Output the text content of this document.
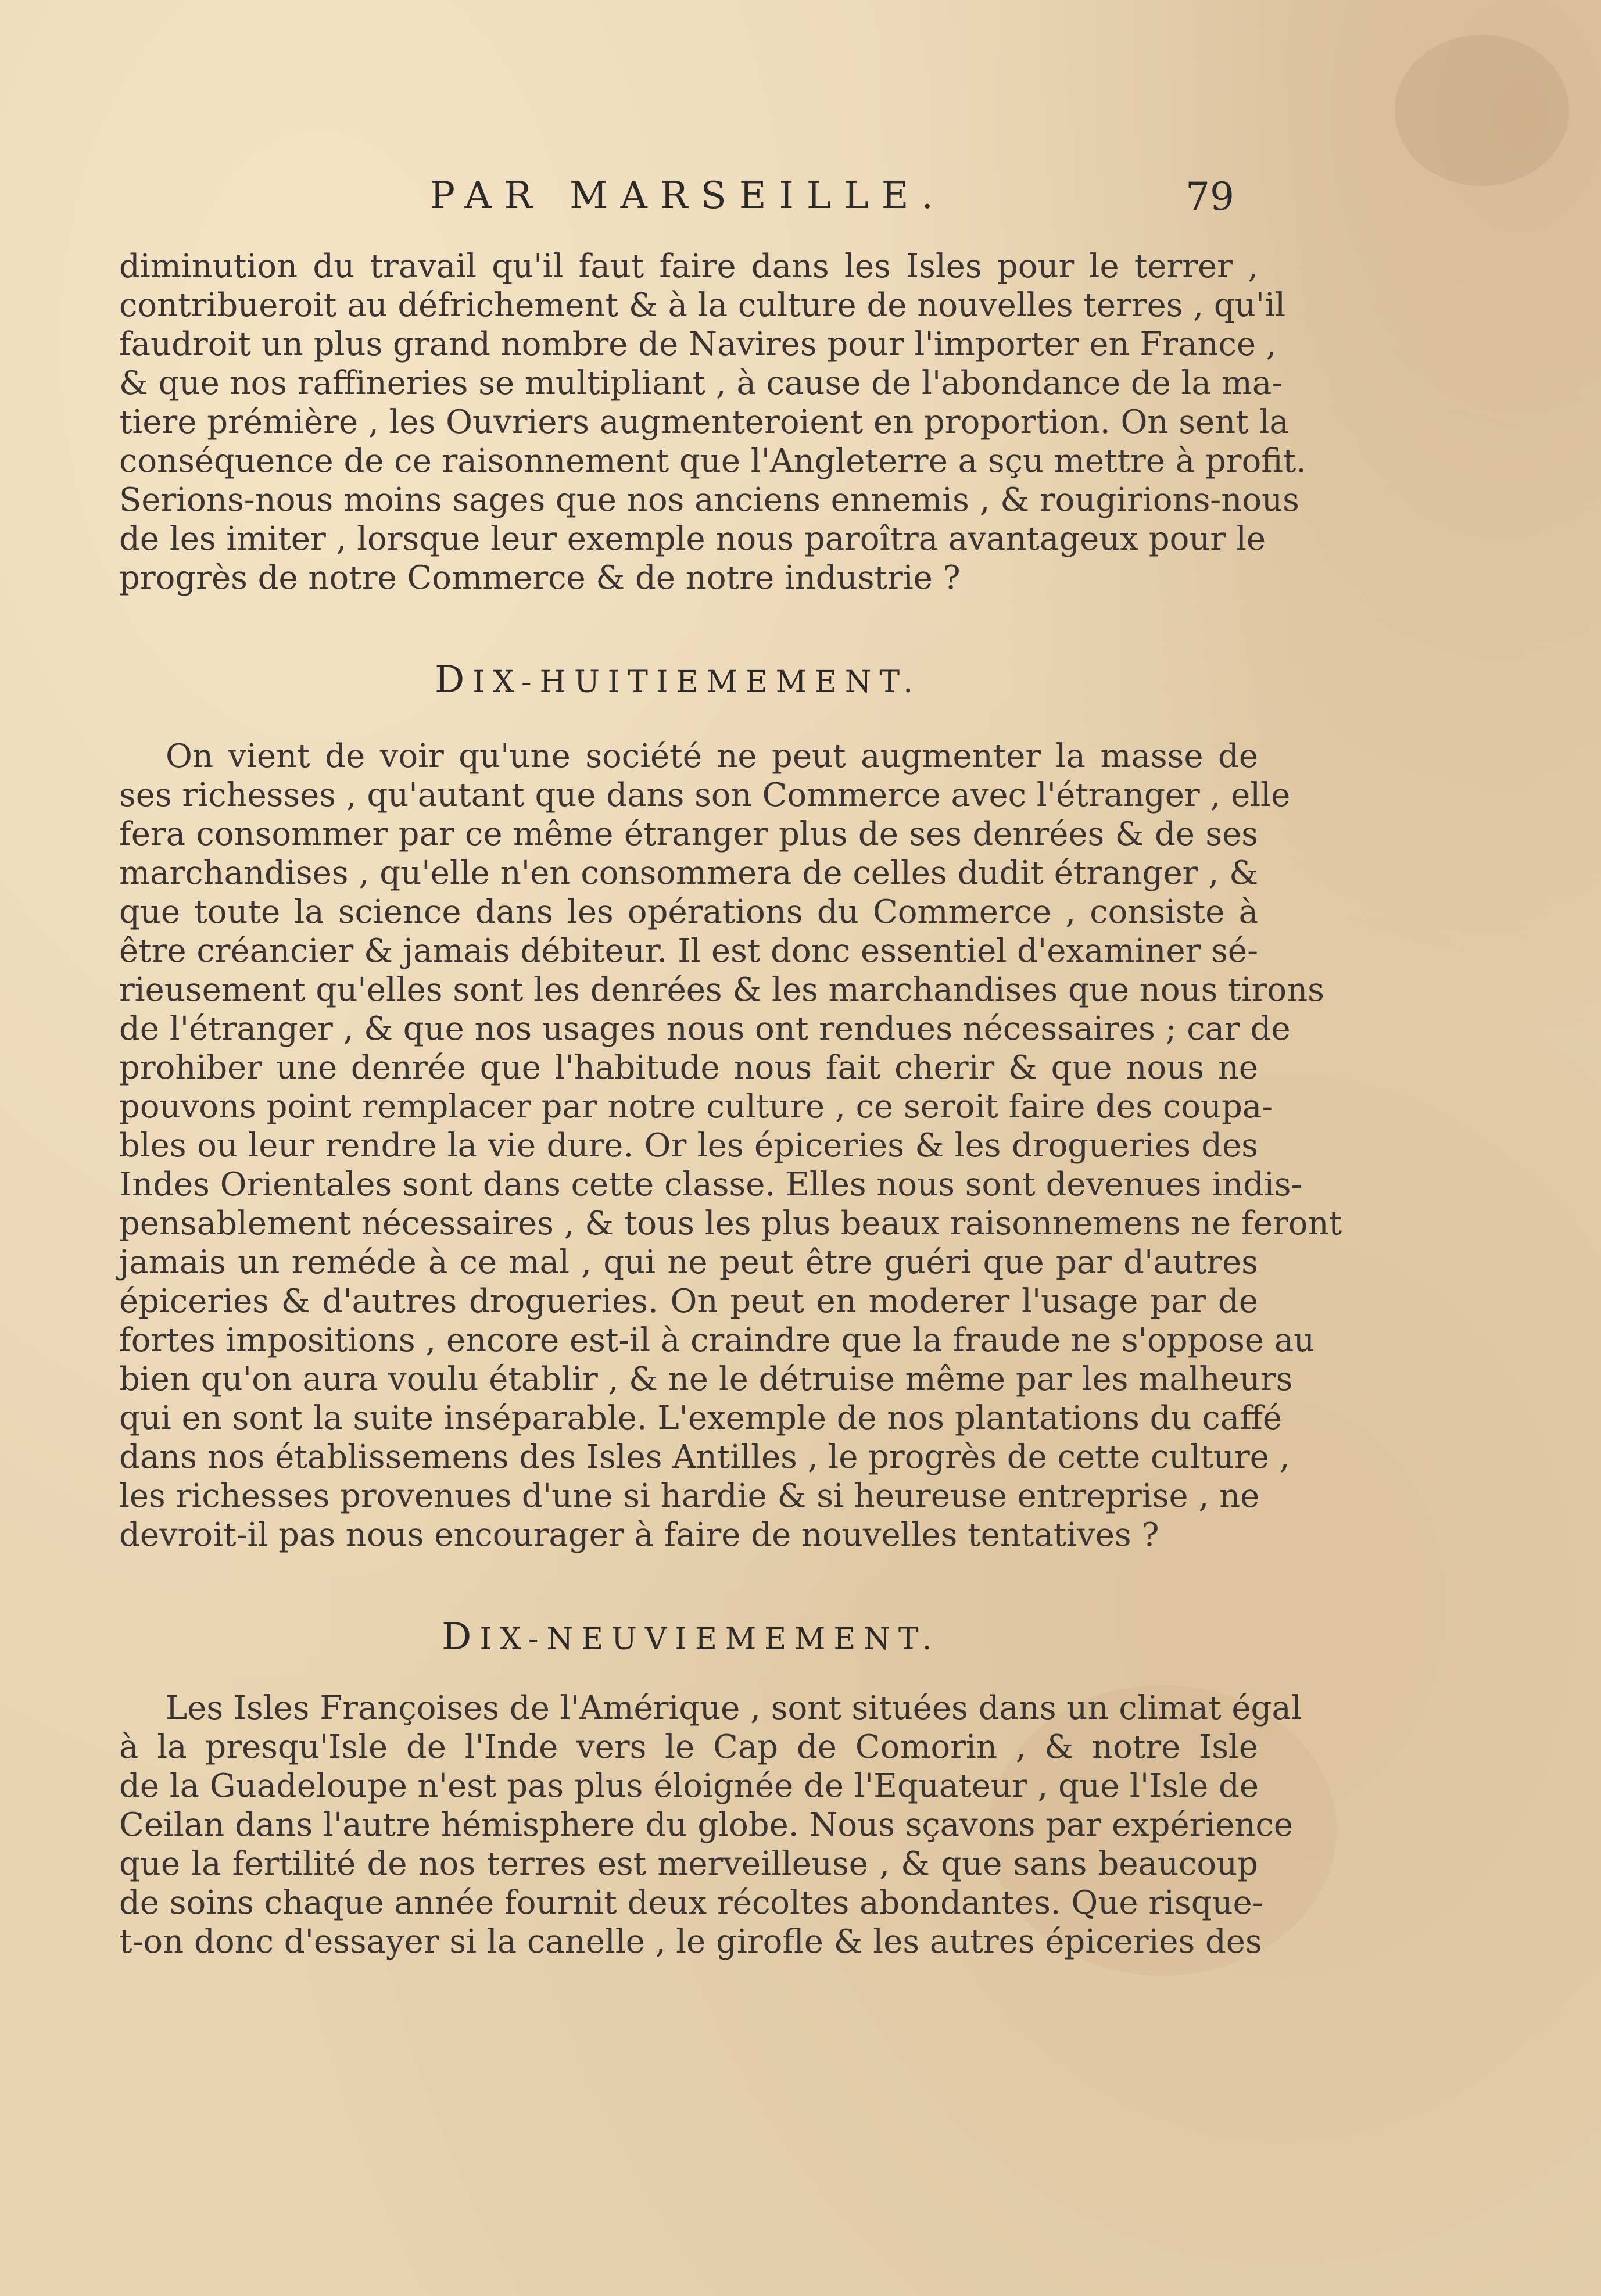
PAR MARSEILLE.	79
diminution du travail qu'il faut faire dans les Isles pour le terrer ,
contribueroit au défrichement & à la culture de nouvelles terres , qu'il
faudroit un plus grand nombre de Navires pour l'importer en France ,
& que nos raffineries se multipliant , à cause de l'abondance de la ma-
tiere prémière , les Ouvriers augmenteroient en proportion. On sent la
conséquence de ce raisonnement que l'Angleterre a sçu mettre à profit.
Serions-nous moins sages que nos anciens ennemis , & rougirions-nous
de les imiter , lorsque leur exemple nous paroîtra avantageux pour le
progrès de notre Commerce & de notre industrie ?
DIX-HUITIEMEMENT.
On vient de voir qu'une société ne peut augmenter la masse de
ses richesses , qu'autant que dans son Commerce avec l'étranger , elle
fera consommer par ce même étranger plus de ses denrées & de ses
marchandises , qu'elle n'en consommera de celles dudit étranger , &
que toute la science dans les opérations du Commerce , consiste à
être créancier & jamais débiteur. Il est donc essentiel d'examiner sé-
rieusement qu'elles sont les denrées & les marchandises que nous tirons
de l'étranger , & que nos usages nous ont rendues nécessaires ; car de
prohiber une denrée que l'habitude nous fait cherir & que nous ne
pouvons point remplacer par notre culture , ce seroit faire des coupa-
bles ou leur rendre la vie dure. Or les épiceries & les drogueries des
Indes Orientales sont dans cette classe. Elles nous sont devenues indis-
pensablement nécessaires , & tous les plus beaux raisonnemens ne feront
jamais un reméde à ce mal , qui ne peut être guéri que par d'autres
épiceries & d'autres drogueries. On peut en moderer l'usage par de
fortes impositions , encore est-il à craindre que la fraude ne s'oppose au
bien qu'on aura voulu établir , & ne le détruise même par les malheurs
qui en sont la suite inséparable. L'exemple de nos plantations du caffé
dans nos établissemens des Isles Antilles , le progrès de cette culture ,
les richesses provenues d'une si hardie & si heureuse entreprise , ne
devroit-il pas nous encourager à faire de nouvelles tentatives ?
DIX-NEUVIEMEMENT.
Les Isles Françoises de l'Amérique , sont situées dans un climat égal
à la presqu'Isle de l'Inde vers le Cap de Comorin , & notre Isle
de la Guadeloupe n'est pas plus éloignée de l'Equateur , que l'Isle de
Ceilan dans l'autre hémisphere du globe. Nous sçavons par expérience
que la fertilité de nos terres est merveilleuse , & que sans beaucoup
de soins chaque année fournit deux récoltes abondantes. Que risque-
t-on donc d'essayer si la canelle , le girofle & les autres épiceries des
